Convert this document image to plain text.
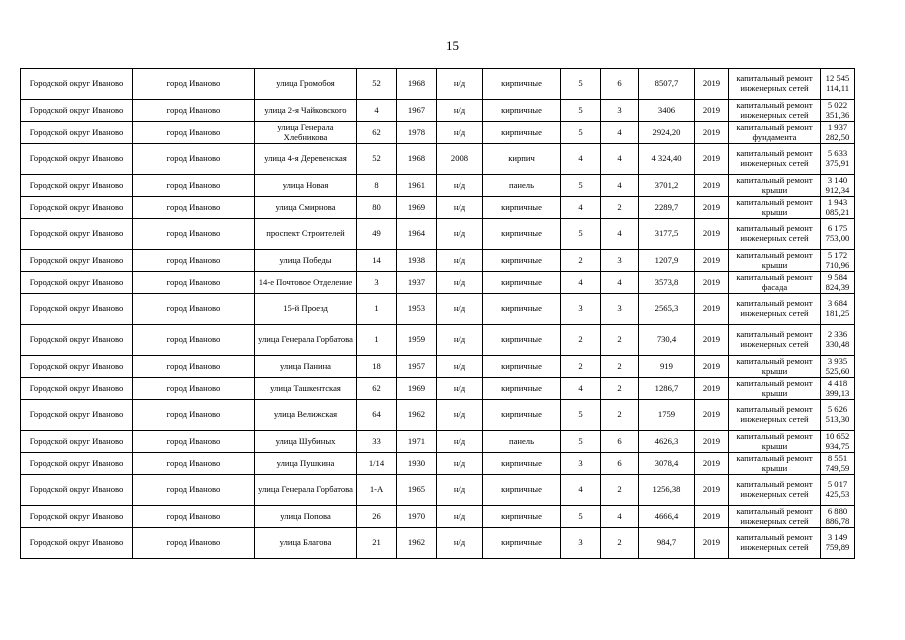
15
Городской округ Иваново	город Иваново	улица Громобоя	52	1968	н/д	кирпичные	5	6	8507,7	2019	капитальный ремонт инженерных сетей	12 545 114,11
Городской округ Иваново	город Иваново	улица 2-я Чайковского	4	1967	н/д	кирпичные	5	3	3406	2019	капитальный ремонт инженерных сетей	5 022 351,36
Городской округ Иваново	город Иваново	улица Генерала Хлебникова	62	1978	н/д	кирпичные	5	4	2924,20	2019	капитальный ремонт фундамента	1 937 282,50
Городской округ Иваново	город Иваново	улица 4-я Деревенская	52	1968	2008	кирпич	4	4	4 324,40	2019	капитальный ремонт инженерных сетей	5 633 375,91
Городской округ Иваново	город Иваново	улица Новая	8	1961	н/д	панель	5	4	3701,2	2019	капитальный ремонт крыши	3 140 912,34
Городской округ Иваново	город Иваново	улица Смирнова	80	1969	н/д	кирпичные	4	2	2289,7	2019	капитальный ремонт крыши	1 943 085,21
Городской округ Иваново	город Иваново	проспект Строителей	49	1964	н/д	кирпичные	5	4	3177,5	2019	капитальный ремонт инженерных сетей	6 175 753,00
Городской округ Иваново	город Иваново	улица Победы	14	1938	н/д	кирпичные	2	3	1207,9	2019	капитальный ремонт крыши	5 172 710,96
Городской округ Иваново	город Иваново	14-е Почтовое Отделение	3	1937	н/д	кирпичные	4	4	3573,8	2019	капитальный ремонт фасада	9 584 824,39
Городской округ Иваново	город Иваново	15-й Проезд	1	1953	н/д	кирпичные	3	3	2565,3	2019	капитальный ремонт инженерных сетей	3 684 181,25
Городской округ Иваново	город Иваново	улица Генерала Горбатова	1	1959	н/д	кирпичные	2	2	730,4	2019	капитальный ремонт инженерных сетей	2 336 330,48
Городской округ Иваново	город Иваново	улица Панина	18	1957	н/д	кирпичные	2	2	919	2019	капитальный ремонт крыши	3 935 525,60
Городской округ Иваново	город Иваново	улица Ташкентская	62	1969	н/д	кирпичные	4	2	1286,7	2019	капитальный ремонт крыши	4 418 399,13
Городской округ Иваново	город Иваново	улица Велижская	64	1962	н/д	кирпичные	5	2	1759	2019	капитальный ремонт инженерных сетей	5 626 513,30
Городской округ Иваново	город Иваново	улица Шубиных	33	1971	н/д	панель	5	6	4626,3	2019	капитальный ремонт крыши	10 652 934,75
Городской округ Иваново	город Иваново	улица Пушкина	1/14	1930	н/д	кирпичные	3	6	3078,4	2019	капитальный ремонт крыши	8 551 749,59
Городской округ Иваново	город Иваново	улица Генерала Горбатова	1-А	1965	н/д	кирпичные	4	2	1256,38	2019	капитальный ремонт инженерных сетей	5 017 425,53
Городской округ Иваново	город Иваново	улица Попова	26	1970	н/д	кирпичные	5	4	4666,4	2019	капитальный ремонт инженерных сетей	6 880 886,78
Городской округ Иваново	город Иваново	улица Благова	21	1962	н/д	кирпичные	3	2	984,7	2019	капитальный ремонт инженерных сетей	3 149 759,89
